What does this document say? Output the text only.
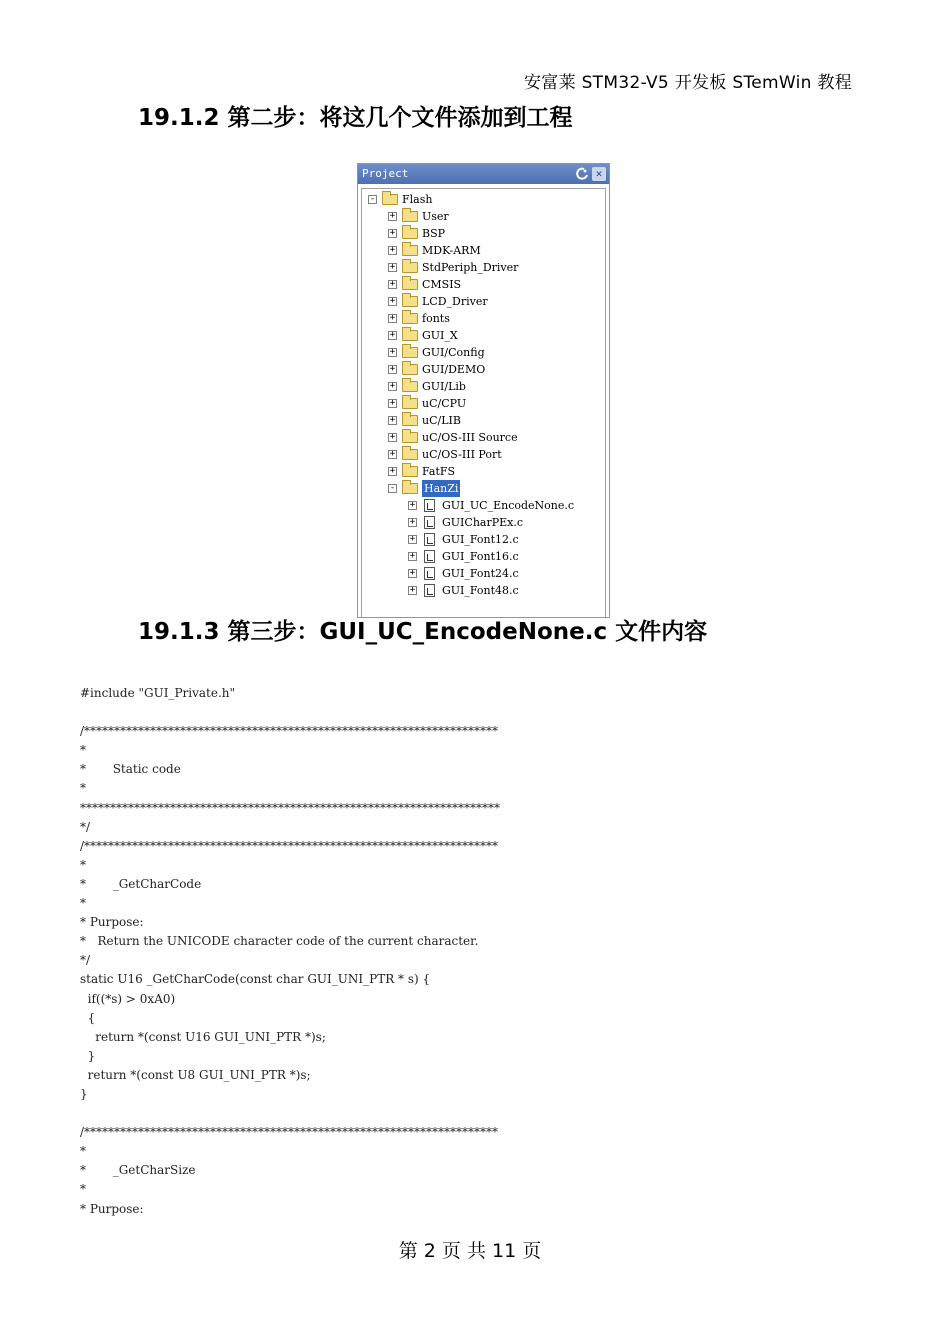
安富莱 STM32-V5 开发板 STemWin 教程
19.1.2 第二步：将这几个文件添加到工程
Project	✕
- Flash
+ User
+ BSP
+ MDK-ARM
+ StdPeriph_Driver
+ CMSIS
+ LCD_Driver
+ fonts
+ GUI_X
+ GUI/Config
+ GUI/DEMO
+ GUI/Lib
+ uC/CPU
+ uC/LIB
+ uC/OS-III Source
+ uC/OS-III Port
+ FatFS
-	HanZi
+ GUI_UC_EncodeNone.c
+ GUICharPEx.c
+ GUI_Font12.c
+ GUI_Font16.c
+ GUI_Font24.c
+ GUI_Font48.c
19.1.3 第三步：GUI_UC_EncodeNone.c 文件内容
#include "GUI_Private.h"
/*********************************************************************
*
*       Static code
*
**********************************************************************
*/
/*********************************************************************
*
*       _GetCharCode
*
* Purpose:
*   Return the UNICODE character code of the current character.
*/
static U16 _GetCharCode(const char GUI_UNI_PTR * s) {
if((*s) > 0xA0)
{
return *(const U16 GUI_UNI_PTR *)s;
}
return *(const U8 GUI_UNI_PTR *)s;
}
/*********************************************************************
*
*       _GetCharSize
*
* Purpose:
第 2 页 共 11 页
